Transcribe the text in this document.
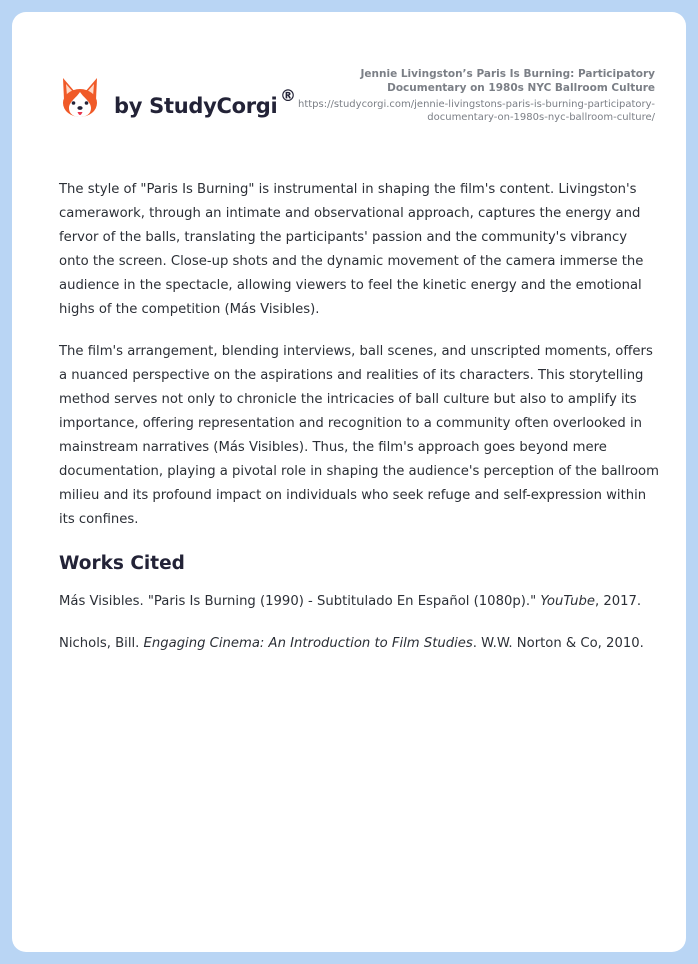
by StudyCorgi ®
Jennie Livingston’s Paris Is Burning: Participatory Documentary on 1980s NYC Ballroom Culture
https://studycorgi.com/jennie-livingstons-paris-is-burning-participatory-documentary-on-1980s-nyc-ballroom-culture/

The style of "Paris Is Burning" is instrumental in shaping the film's content. Livingston's camerawork, through an intimate and observational approach, captures the energy and fervor of the balls, translating the participants' passion and the community's vibrancy onto the screen. Close-up shots and the dynamic movement of the camera immerse the audience in the spectacle, allowing viewers to feel the kinetic energy and the emotional highs of the competition (Más Visibles).

The film's arrangement, blending interviews, ball scenes, and unscripted moments, offers a nuanced perspective on the aspirations and realities of its characters. This storytelling method serves not only to chronicle the intricacies of ball culture but also to amplify its importance, offering representation and recognition to a community often overlooked in mainstream narratives (Más Visibles). Thus, the film's approach goes beyond mere documentation, playing a pivotal role in shaping the audience's perception of the ballroom milieu and its profound impact on individuals who seek refuge and self-expression within its confines.

Works Cited

Más Visibles. "Paris Is Burning (1990) - Subtitulado En Español (1080p)." YouTube, 2017.

Nichols, Bill. Engaging Cinema: An Introduction to Film Studies. W.W. Norton & Co, 2010.
